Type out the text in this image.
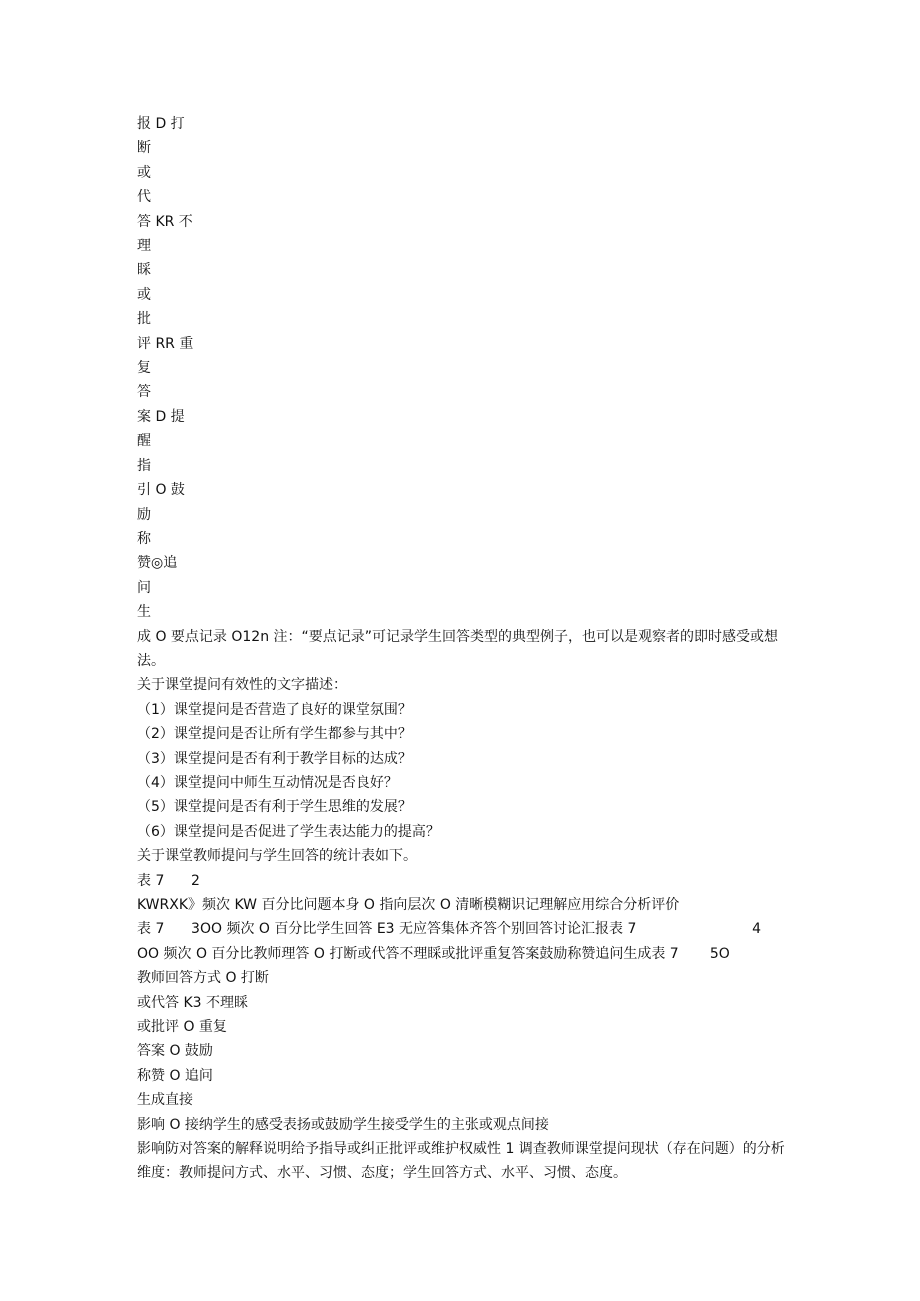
报 D 打
断
或
代
答 KR 不
理
睬
或
批
评 RR 重
复
答
案 D 提
醒
指
引 O 鼓
励
称
赞◎追
问
生
成 O 要点记录 O12n 注：“要点记录”可记录学生回答类型的典型例子，也可以是观察者的即时感受或想法。
关于课堂提问有效性的文字描述：
（1）课堂提问是否营造了良好的课堂氛围？
（2）课堂提问是否让所有学生都参与其中？
（3）课堂提问是否有利于教学目标的达成？
（4）课堂提问中师生互动情况是否良好？
（5）课堂提问是否有利于学生思维的发展？
（6）课堂提问是否促进了学生表达能力的提高？
关于课堂教师提问与学生回答的统计表如下。
表 7      2
KWRXK》频次 KW 百分比问题本身 O 指向层次 O 清晰模糊识记理解应用综合分析评价
表 7      3OO 频次 O 百分比学生回答 E3 无应答集体齐答个别回答讨论汇报表 7                          4
OO 频次 O 百分比教师理答 O 打断或代答不理睬或批评重复答案鼓励称赞追问生成表 7       5O
教师回答方式 O 打断
或代答 K3 不理睬
或批评 O 重复
答案 O 鼓励
称赞 O 追问
生成直接
影响 O 接纳学生的感受表扬或鼓励学生接受学生的主张或观点间接
影响防对答案的解释说明给予指导或纠正批评或维护权威性 1 调查教师课堂提问现状（存在问题）的分析维度：教师提问方式、水平、习惯、态度；学生回答方式、水平、习惯、态度。
